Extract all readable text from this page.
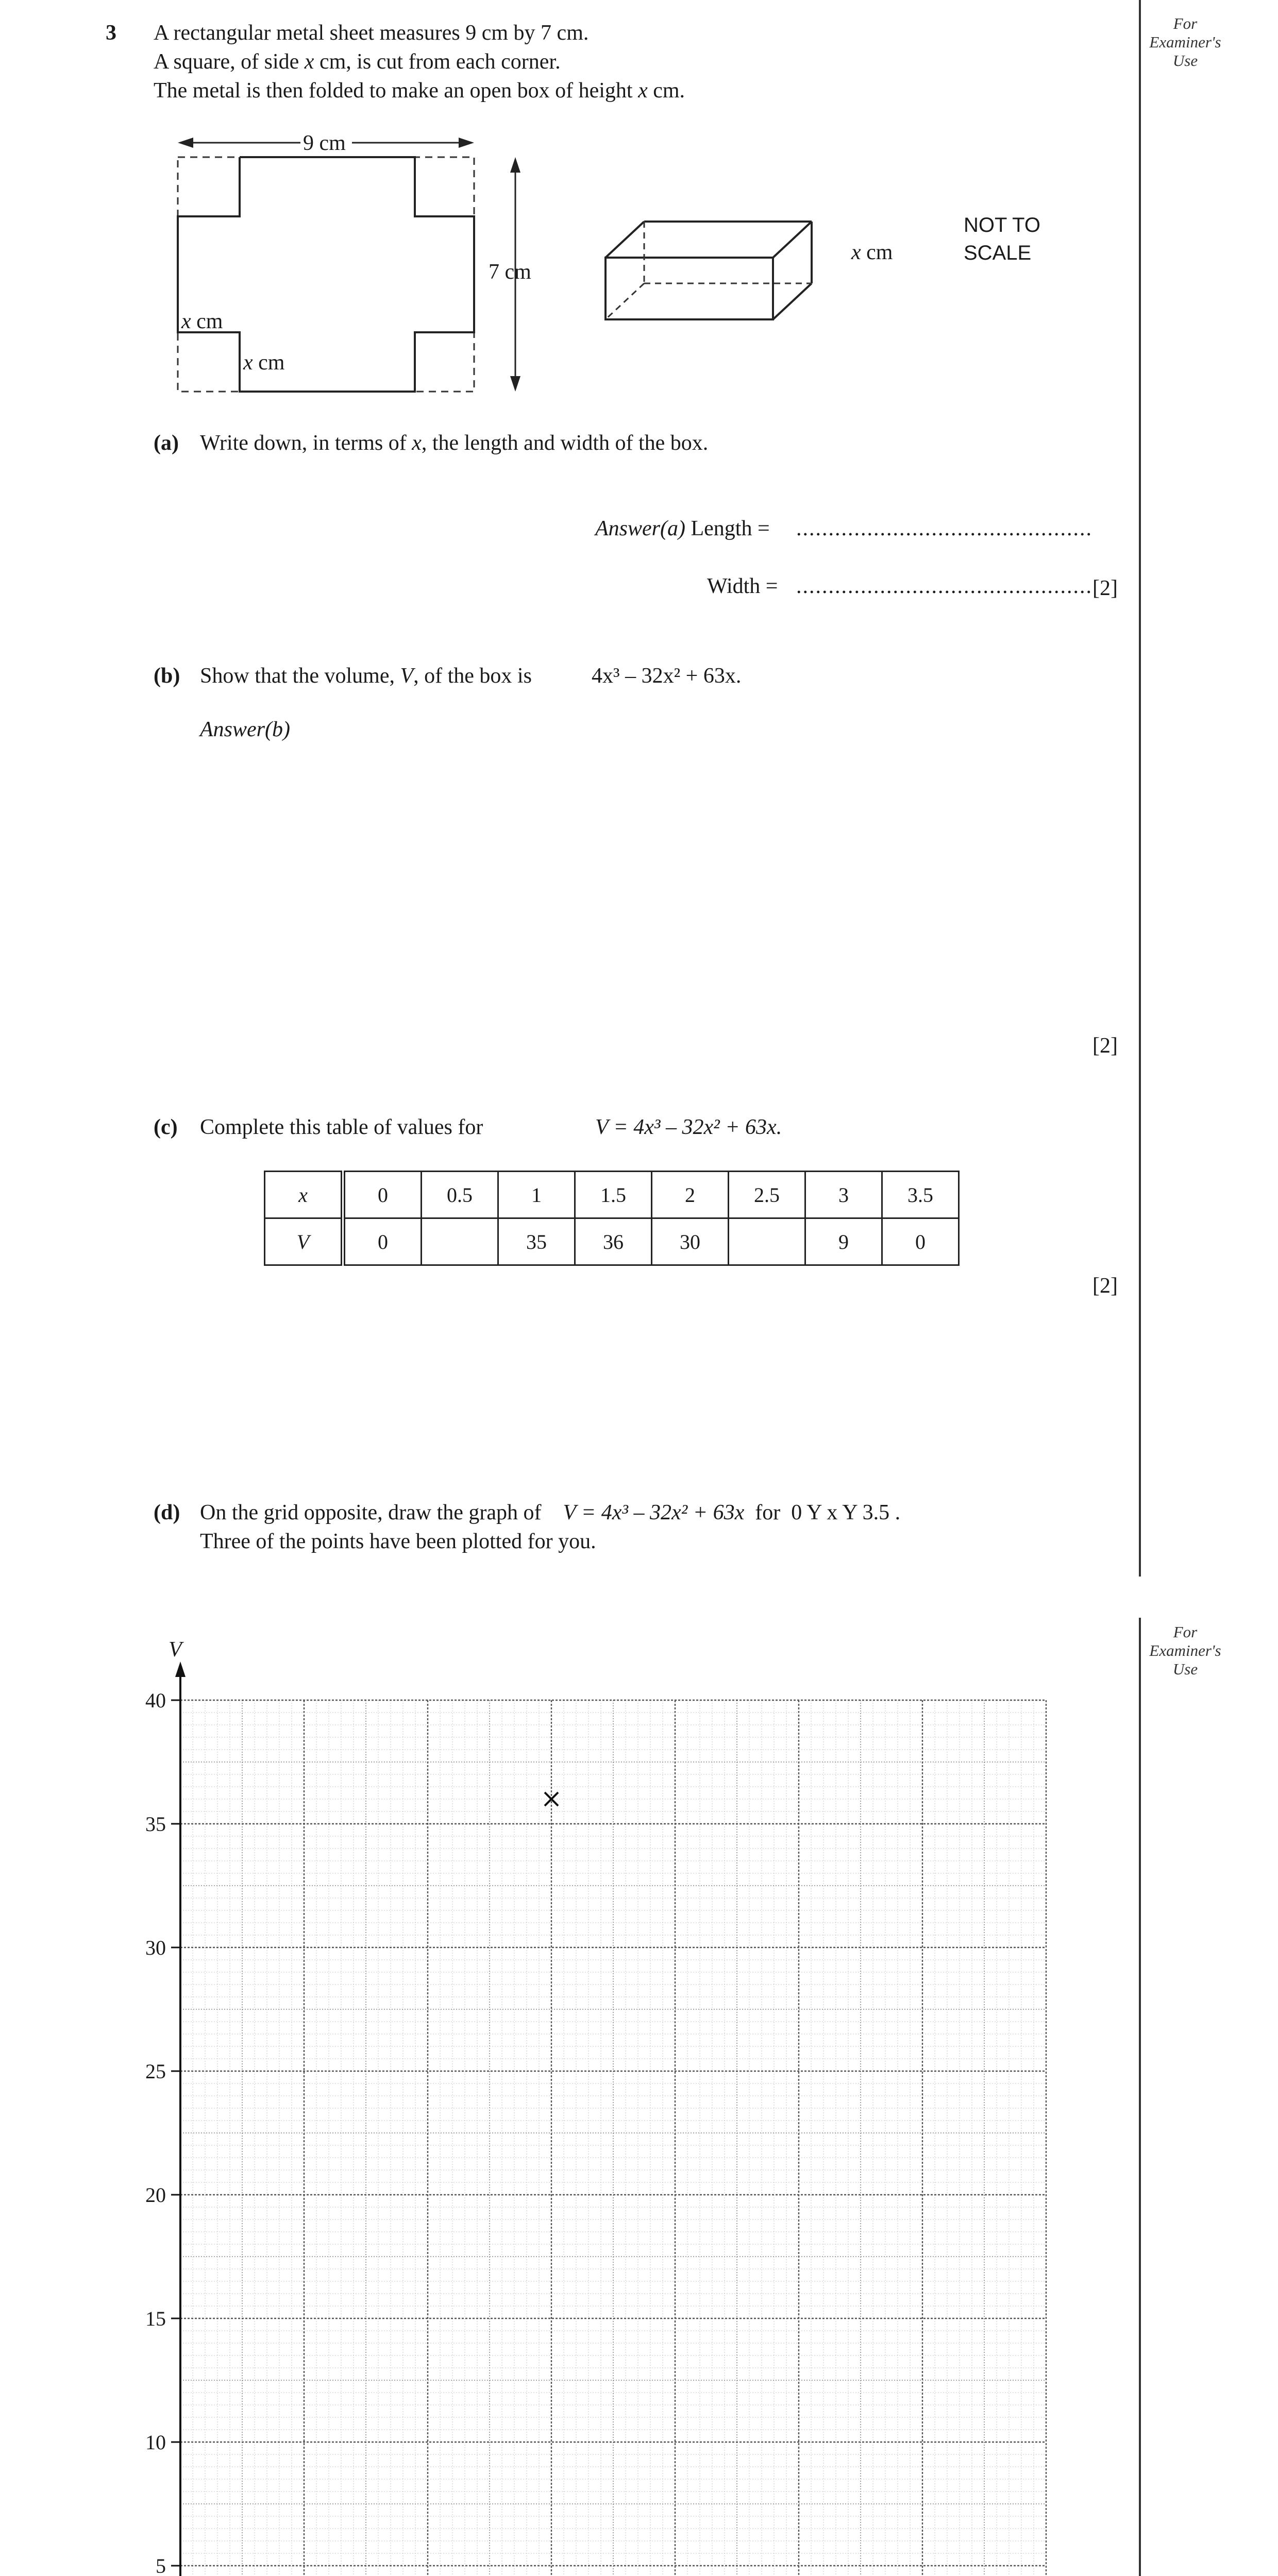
For
Examiner's
Use
3 A rectangular metal sheet measures 9 cm by 7 cm.
A square, of side x cm, is cut from each corner.
The metal is then folded to make an open box of height x cm.
9 cm
7 cm
x cm
x cm
x cm
NOT TO
SCALE
(a) Write down, in terms of x, the length and width of the box.
Answer(a) Length = ..............................................
Width = .............................................. [2]
(b) Show that the volume, V, of the box is	4x³ – 32x² + 63x.
Answer(b)
[2]
(c) Complete this table of values for	V = 4x³ – 32x² + 63x.
x	0	0.5	1	1.5	2	2.5	3	3.5
V	0		35	36	30		9	0
[2]
(d) On the grid opposite, draw the graph of V = 4x³ – 32x² + 63x for 0 Y x Y 3.5 .
Three of the points have been plotted for you.
For
Examiner's
Use
5
10
15
20
25
30
35
40
V
